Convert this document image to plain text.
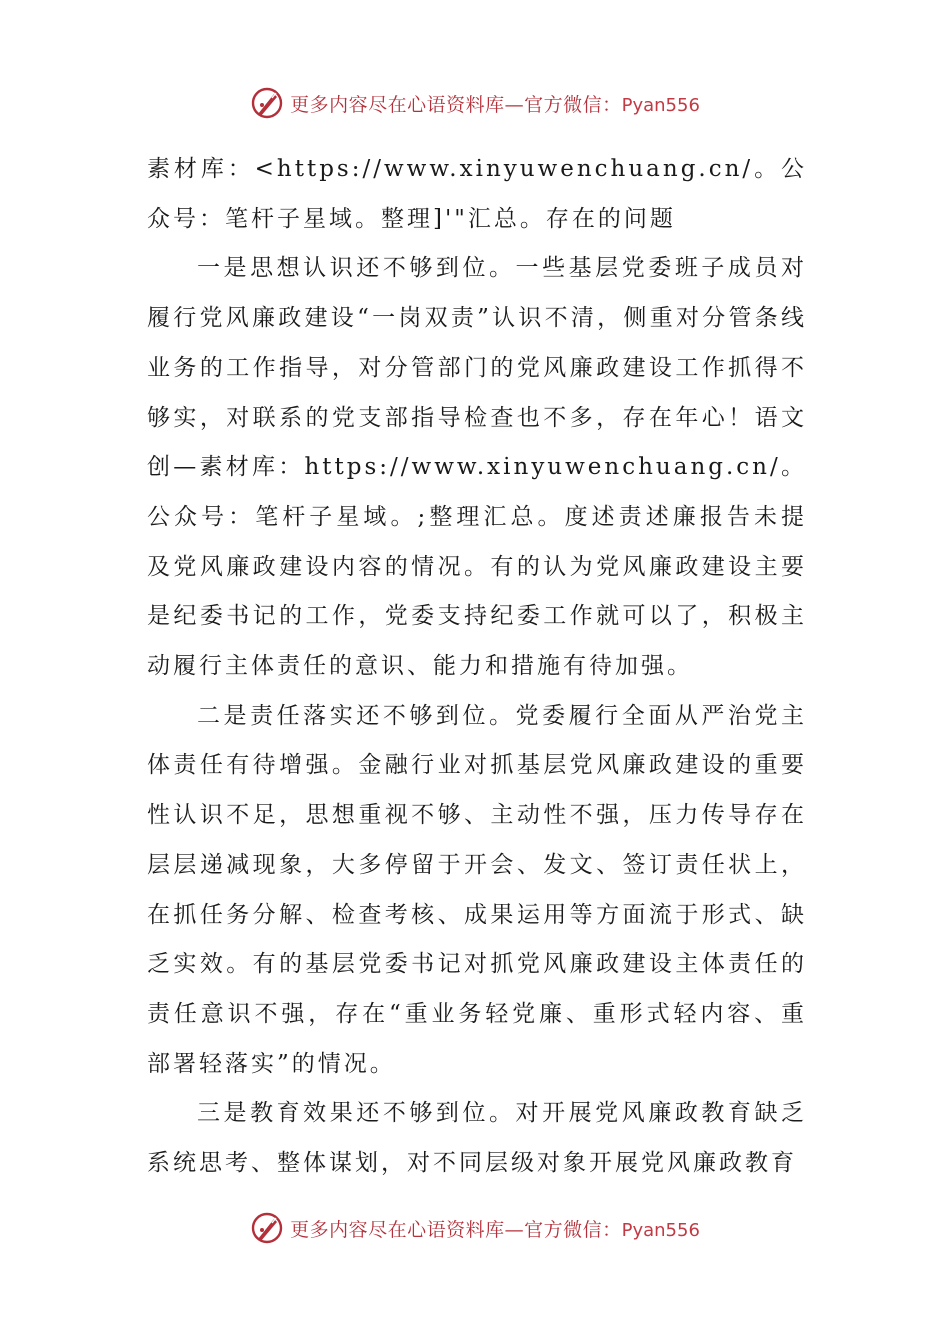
更多内容尽在心语资料库—官方微信：Pyan556

素材库：<https://www.xinyuwenchuang.cn/。公众号：笔杆子星域。整理]'"汇总。存在的问题

一是思想认识还不够到位。一些基层党委班子成员对履行党风廉政建设“一岗双责”认识不清，侧重对分管条线业务的工作指导，对分管部门的党风廉政建设工作抓得不够实，对联系的党支部指导检查也不多，存在年心！语文创—素材库：https://www.xinyuwenchuang.cn/。公众号：笔杆子星域。;整理汇总。度述责述廉报告未提及党风廉政建设内容的情况。有的认为党风廉政建设主要是纪委书记的工作，党委支持纪委工作就可以了，积极主动履行主体责任的意识、能力和措施有待加强。

二是责任落实还不够到位。党委履行全面从严治党主体责任有待增强。金融行业对抓基层党风廉政建设的重要性认识不足，思想重视不够、主动性不强，压力传导存在层层递减现象，大多停留于开会、发文、签订责任状上，在抓任务分解、检查考核、成果运用等方面流于形式、缺乏实效。有的基层党委书记对抓党风廉政建设主体责任的责任意识不强，存在“重业务轻党廉、重形式轻内容、重部署轻落实”的情况。

三是教育效果还不够到位。对开展党风廉政教育缺乏系统思考、整体谋划，对不同层级对象开展党风廉政教育

更多内容尽在心语资料库—官方微信：Pyan556
